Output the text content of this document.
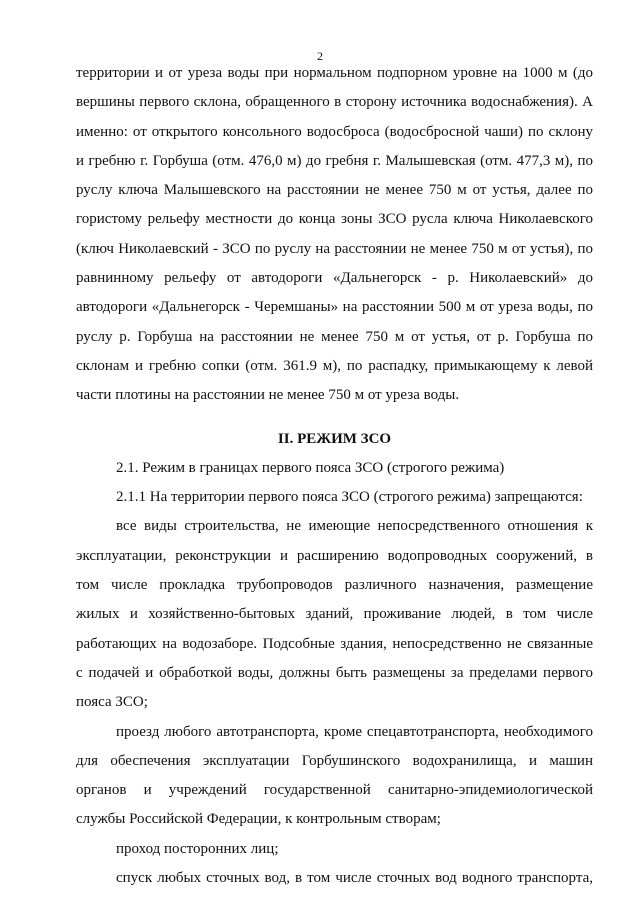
2
территории и от уреза воды при нормальном подпорном уровне на 1000 м (до
вершины первого склона, обращенного в сторону источника водоснабжения). А
именно: от открытого консольного водосброса (водосбросной чаши) по склону
и гребню г. Горбуша (отм. 476,0 м) до гребня г. Малышевская (отм. 477,3 м), по
руслу ключа Малышевского на расстоянии не менее 750 м от устья, далее по
гористому рельефу местности до конца зоны ЗСО русла ключа Николаевского
(ключ Николаевский - ЗСО по руслу на расстоянии не менее 750 м от устья), по
равнинному рельефу от автодороги «Дальнегорск - р. Николаевский» до
автодороги «Дальнегорск - Черемшаны» на расстоянии 500 м от уреза воды, по
руслу р. Горбуша на расстоянии не менее 750 м от устья, от р. Горбуша по
склонам и гребню сопки (отм. 361.9 м), по распадку, примыкающему к левой
части плотины на расстоянии не менее 750 м от уреза воды.
II. РЕЖИМ ЗСО
2.1. Режим в границах первого пояса ЗСО (строгого режима)
2.1.1 На территории первого пояса ЗСО (строгого режима) запрещаются:
все виды строительства, не имеющие непосредственного отношения к
эксплуатации, реконструкции и расширению водопроводных сооружений, в
том числе прокладка трубопроводов различного назначения, размещение
жилых и хозяйственно-бытовых зданий, проживание людей, в том числе
работающих на водозаборе. Подсобные здания, непосредственно не связанные
с подачей и обработкой воды, должны быть размещены за пределами первого
пояса ЗСО;
проезд любого автотранспорта, кроме спецавтотранспорта, необходимого
для обеспечения эксплуатации Горбушинского водохранилища, и машин
органов и учреждений государственной санитарно-эпидемиологической
службы Российской Федерации, к контрольным створам;
проход посторонних лиц;
спуск любых сточных вод, в том числе сточных вод водного транспорта,
